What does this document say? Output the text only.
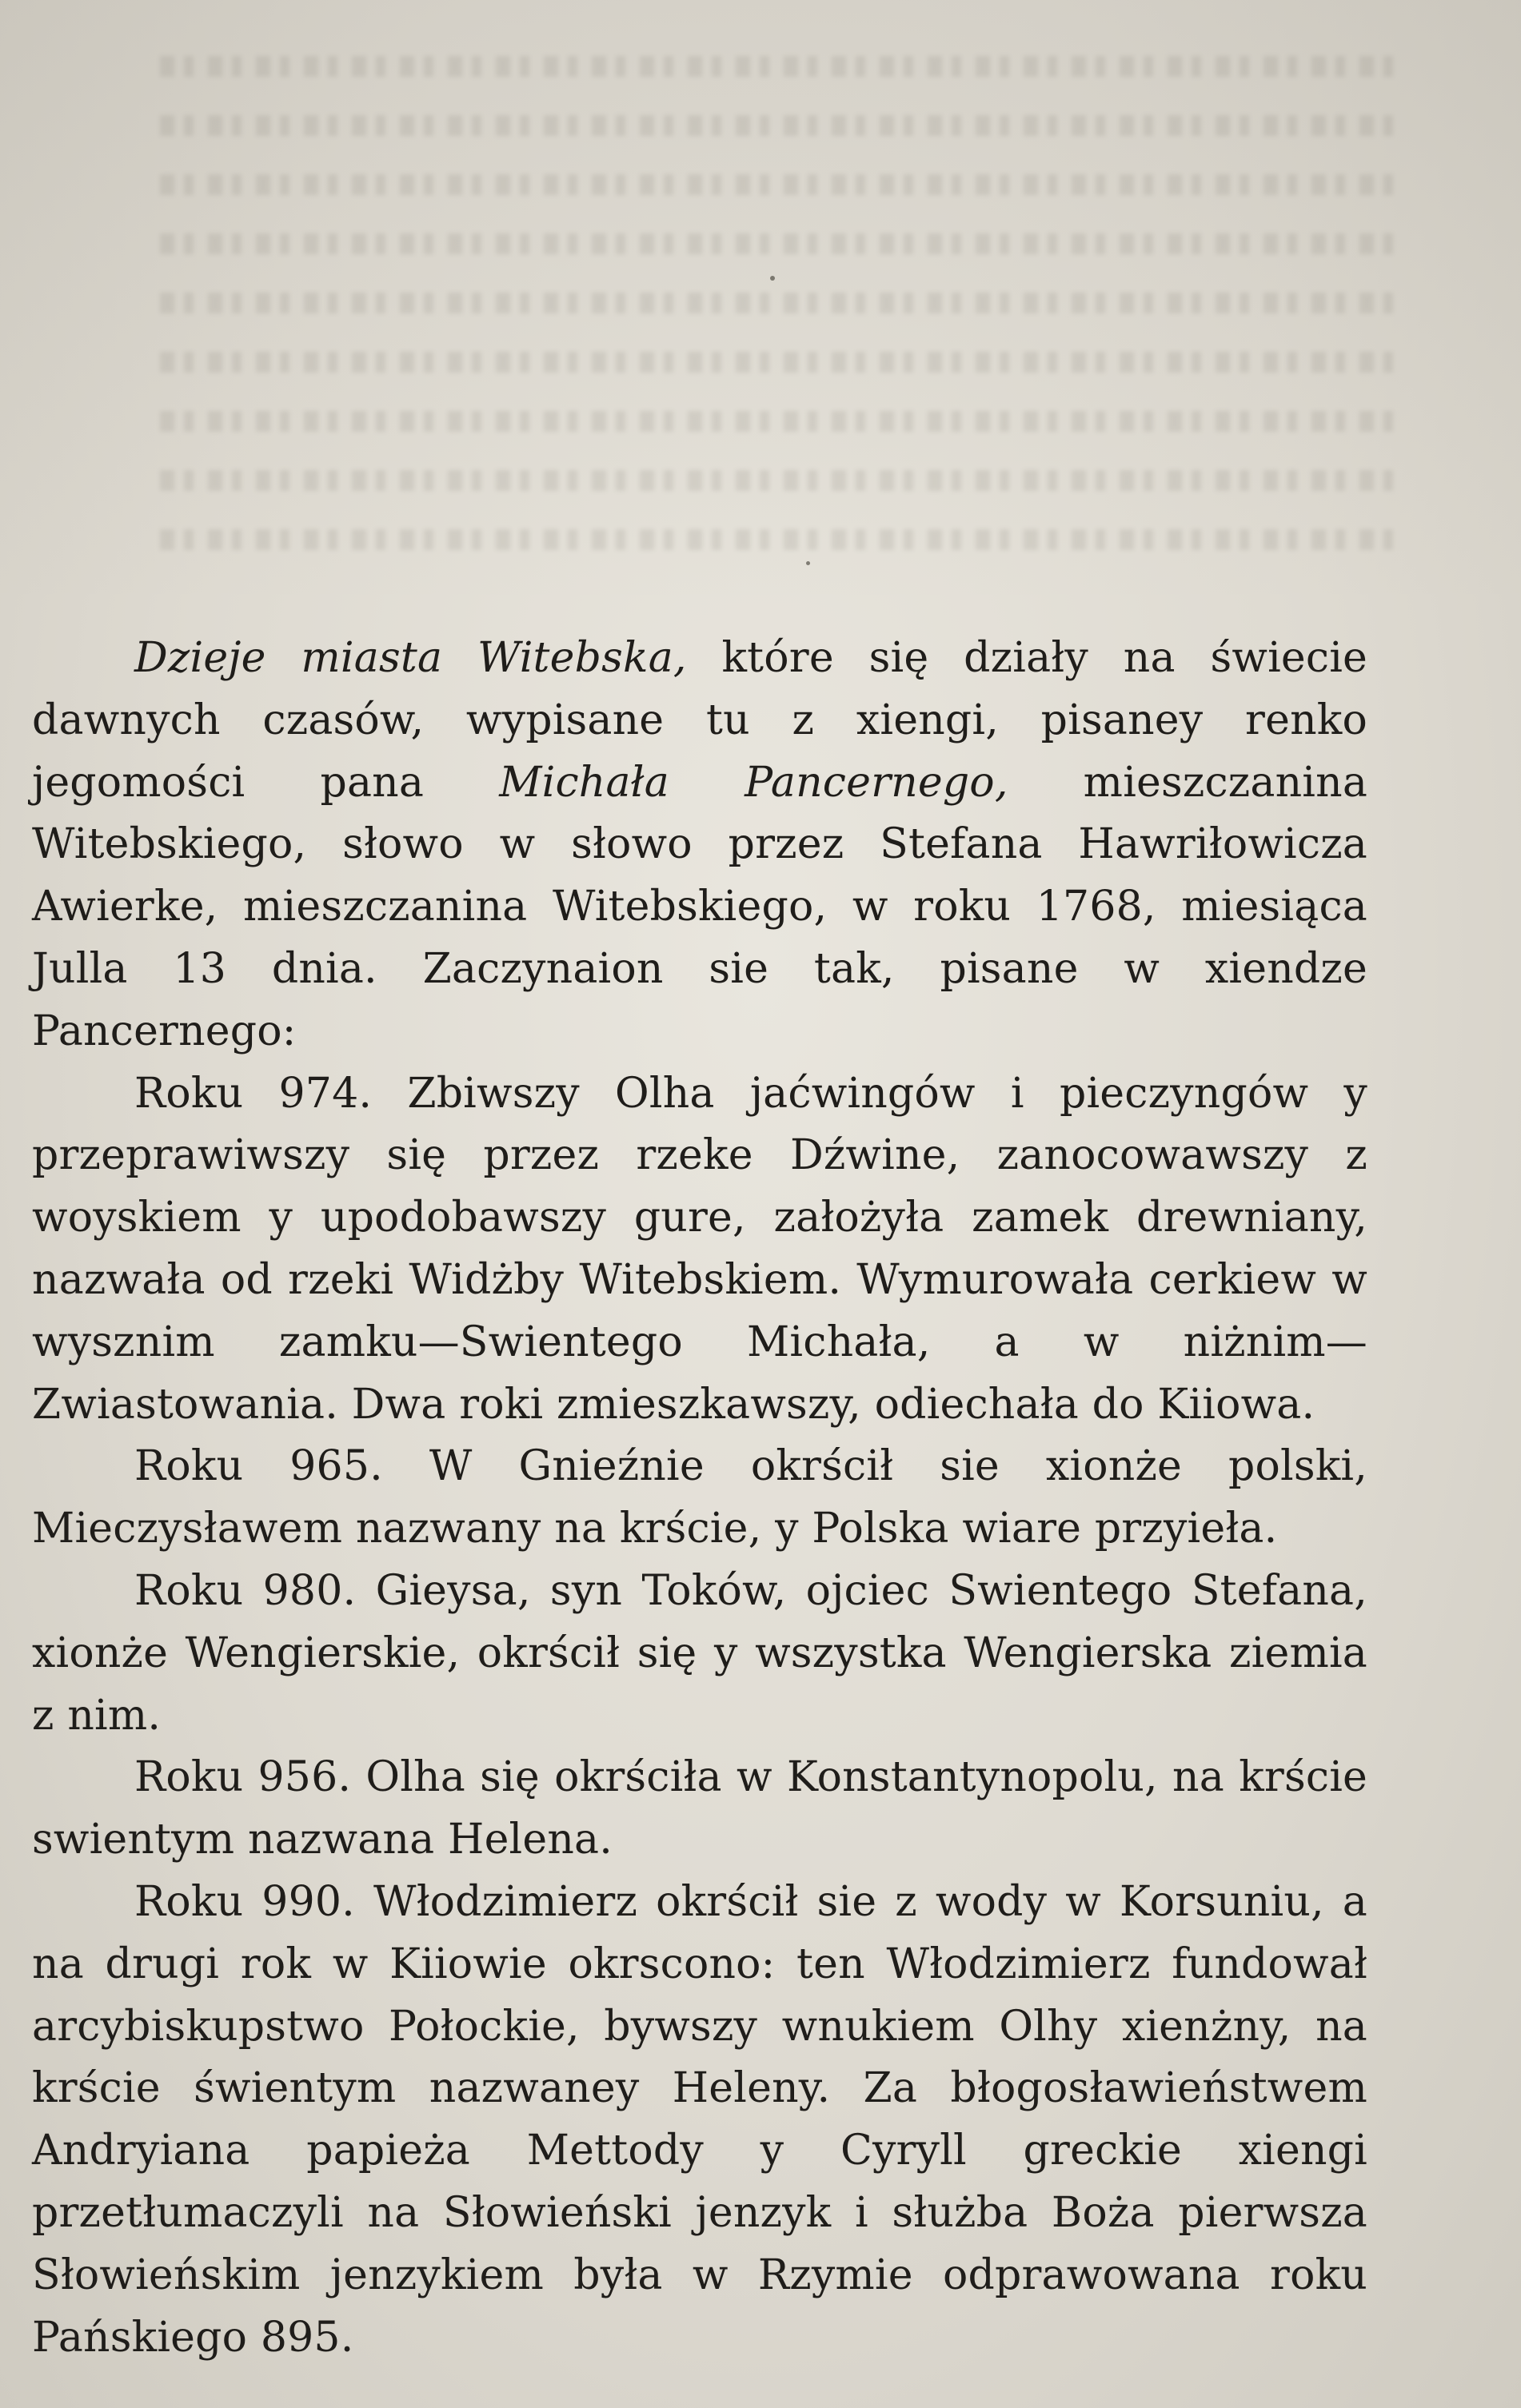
Dzieje miasta Witebska, które się działy na świecie dawnych czasów, wypisane tu z xiengi, pisaney renko jegomości pana Michała Pancernego, mieszczanina Witebskiego, słowo w słowo przez Stefana Hawriłowicza Awierke, mieszczanina Witebskiego, w roku 1768, miesiąca Julla 13 dnia. Zaczynaion sie tak, pisane w xiendze Pancernego:

Roku 974. Zbiwszy Olha jaćwingów i pieczyngów y przeprawiwszy się przez rzeke Dźwine, zanocowawszy z woyskiem y upodobawszy gure, założyła zamek drewniany, nazwała od rzeki Widżby Witebskiem. Wymurowała cerkiew w wysznim zamku—Swientego Michała, a w niżnim—Zwiastowania. Dwa roki zmieszkawszy, odiechała do Kiiowa.

Roku 965. W Gnieźnie okrścił sie xionże polski, Mieczysławem nazwany na krście, y Polska wiare przyieła.

Roku 980. Gieysa, syn Toków, ojciec Swientego Stefana, xionże Wengierskie, okrścił się y wszystka Wengierska ziemia z nim.

Roku 956. Olha się okrściła w Konstantynopolu, na krście swientym nazwana Helena.

Roku 990. Włodzimierz okrścił sie z wody w Korsuniu, a na drugi rok w Kiiowie okrscono: ten Włodzimierz fundował arcybiskupstwo Połockie, bywszy wnukiem Olhy xienżny, na krście świentym nazwaney Heleny. Za błogosławieństwem Andryiana papieża Mettody y Cyryll greckie xiengi przetłumaczyli na Słowieński jenzyk i służba Boża pierwsza Słowieńskim jenzykiem była w Rzymie odprawowana roku Pańskiego 895.
